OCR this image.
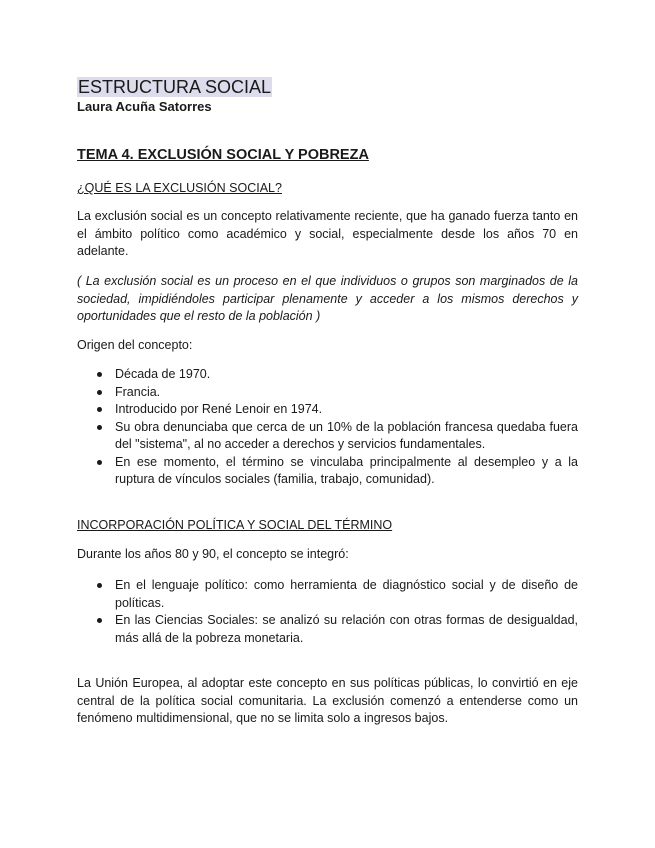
ESTRUCTURA SOCIAL

Laura Acuña Satorres

TEMA 4. EXCLUSIÓN SOCIAL Y POBREZA
¿QUÉ ES LA EXCLUSIÓN SOCIAL?

La exclusión social es un concepto relativamente reciente, que ha ganado fuerza tanto en el ámbito político como académico y social, especialmente desde los años 70 en adelante.

( La exclusión social es un proceso en el que individuos o grupos son marginados de la sociedad, impidiéndoles participar plenamente y acceder a los mismos derechos y oportunidades que el resto de la población )

Origen del concepto:

Década de 1970.
Francia.
Introducido por René Lenoir en 1974.
Su obra denunciaba que cerca de un 10% de la población francesa quedaba fuera del "sistema", al no acceder a derechos y servicios fundamentales.
En ese momento, el término se vinculaba principalmente al desempleo y a la ruptura de vínculos sociales (familia, trabajo, comunidad).
INCORPORACIÓN POLÍTICA Y SOCIAL DEL TÉRMINO

Durante los años 80 y 90, el concepto se integró:

En el lenguaje político: como herramienta de diagnóstico social y de diseño de políticas.
En las Ciencias Sociales: se analizó su relación con otras formas de desigualdad, más allá de la pobreza monetaria.

La Unión Europea, al adoptar este concepto en sus políticas públicas, lo convirtió en eje central de la política social comunitaria. La exclusión comenzó a entenderse como un fenómeno multidimensional, que no se limita solo a ingresos bajos.
